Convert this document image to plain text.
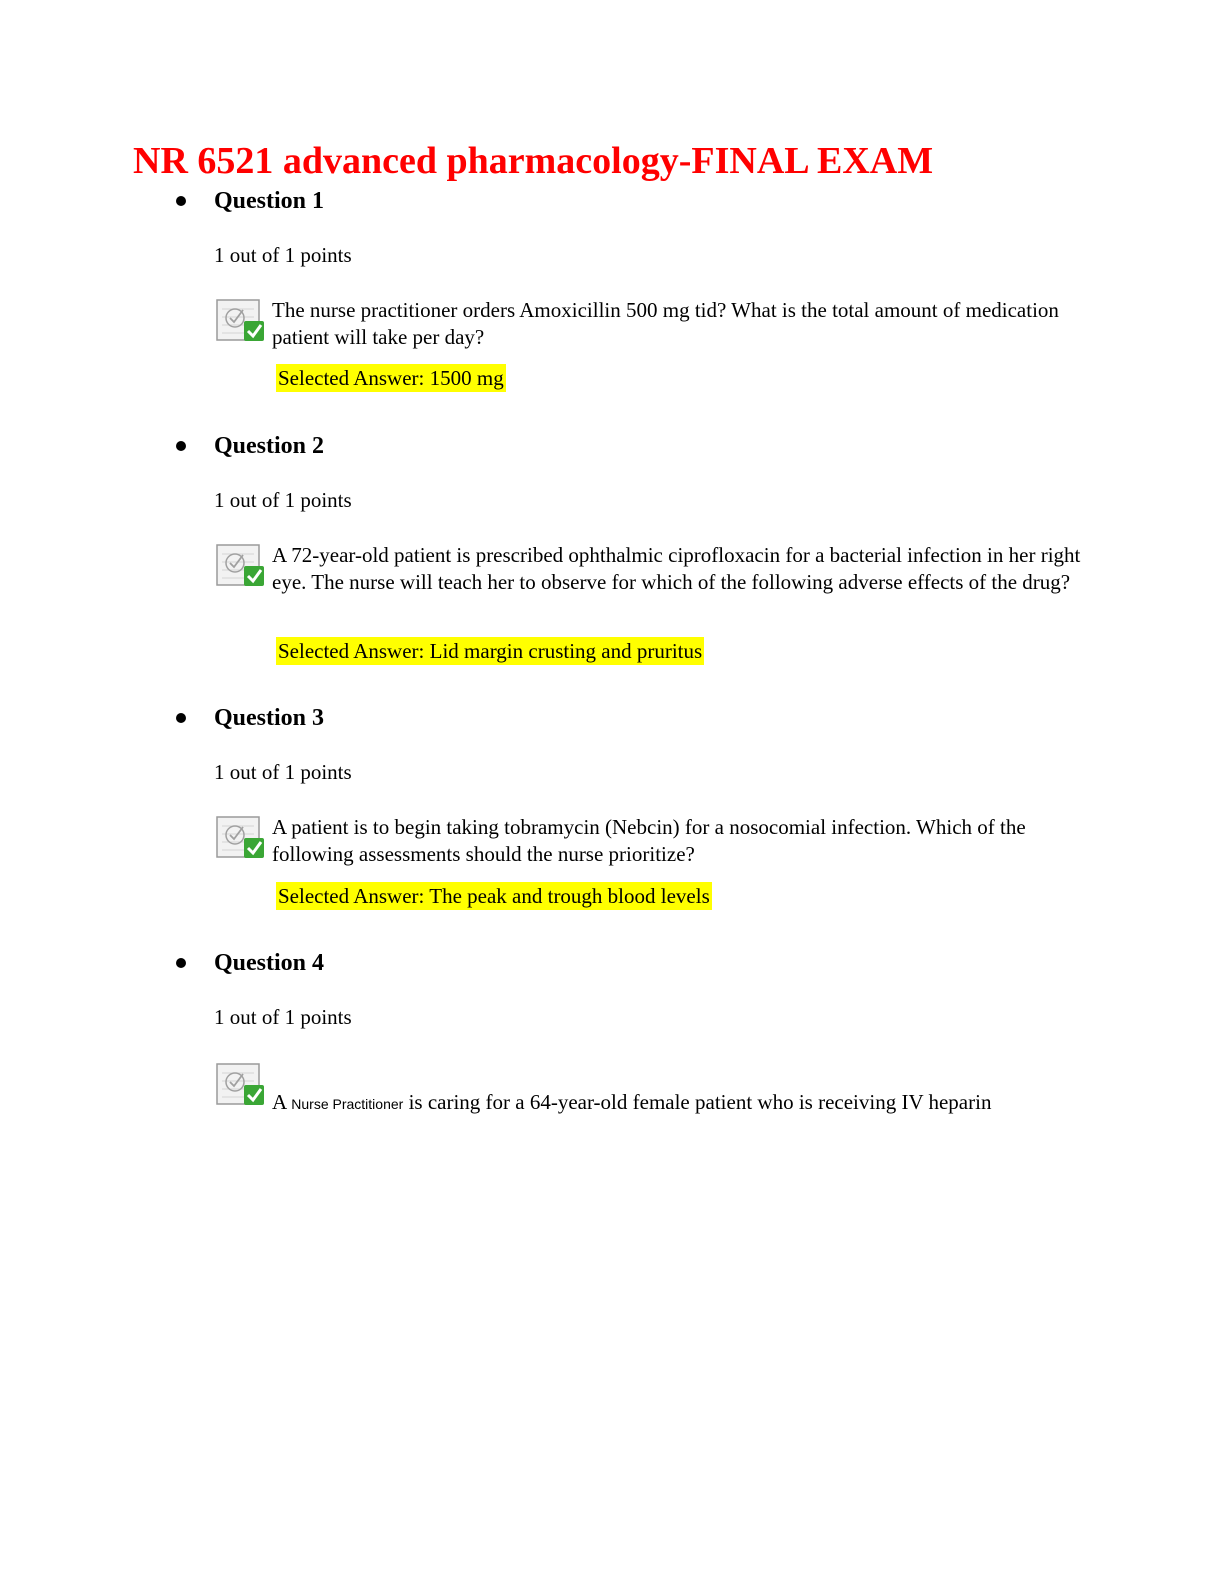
NR 6521 advanced pharmacology-FINAL EXAM
Question 1
1 out of 1 points
The nurse practitioner orders Amoxicillin 500 mg tid? What is the total amount of medication patient will take per day?
Selected Answer: 1500 mg
Question 2
1 out of 1 points
A 72-year-old patient is prescribed ophthalmic ciprofloxacin for a bacterial infection in her right eye. The nurse will teach her to observe for which of the following adverse effects of the drug?
Selected Answer: Lid margin crusting and pruritus
Question 3
1 out of 1 points
A patient is to begin taking tobramycin (Nebcin) for a nosocomial infection. Which of the following assessments should the nurse prioritize?
Selected Answer: The peak and trough blood levels
Question 4
1 out of 1 points
A Nurse Practitioner is caring for a 64-year-old female patient who is receiving IV heparin
